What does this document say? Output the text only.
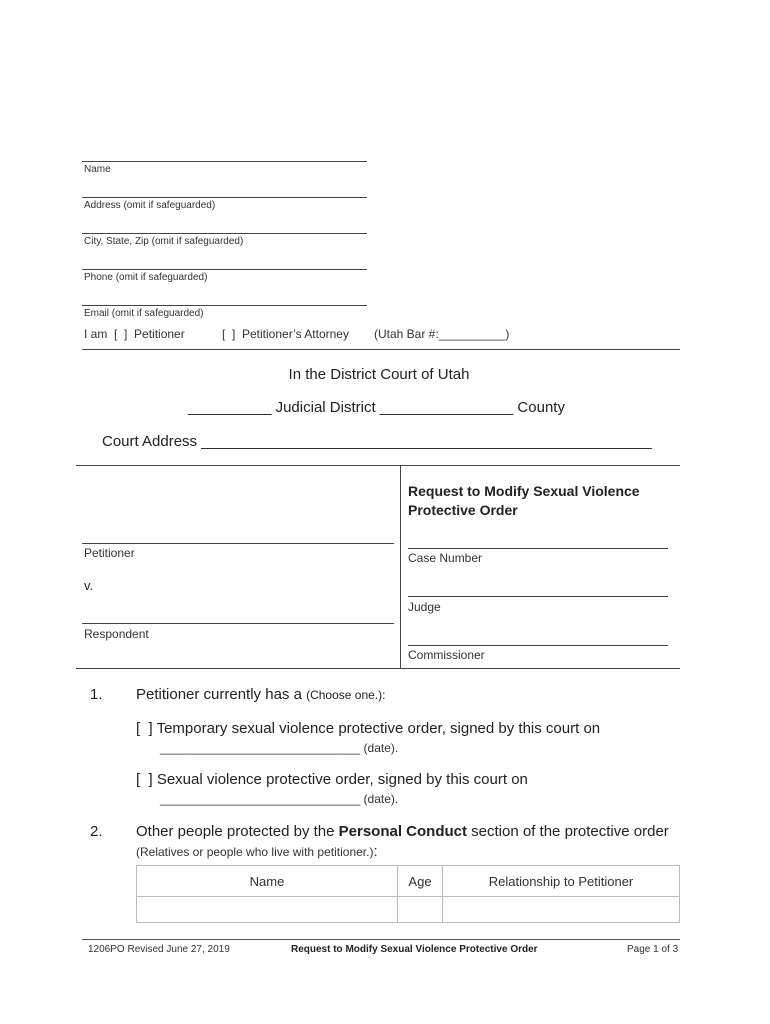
Name
Address (omit if safeguarded)
City, State, Zip (omit if safeguarded)
Phone (omit if safeguarded)
Email (omit if safeguarded)
I am  [  ]  Petitioner	[  ]  Petitioner’s Attorney (Utah Bar #:__________)
In the District Court of Utah
__________ Judicial District ________________ County
Court Address ______________________________________________________
Petitioner
v.
Respondent
Request to Modify Sexual Violence Protective Order
Case Number
Judge
Commissioner
1. Petitioner currently has a (Choose one.):
[  ] Temporary sexual violence protective order, signed by this court on
______________________________ (date).
[  ] Sexual violence protective order, signed by this court on
______________________________ (date).
2. Other people protected by the Personal Conduct section of the protective order
(Relatives or people who live with petitioner.):
Name	Age	Relationship to Petitioner

1206PO Revised June 27, 2019	Request to Modify Sexual Violence Protective Order	Page 1 of 3
